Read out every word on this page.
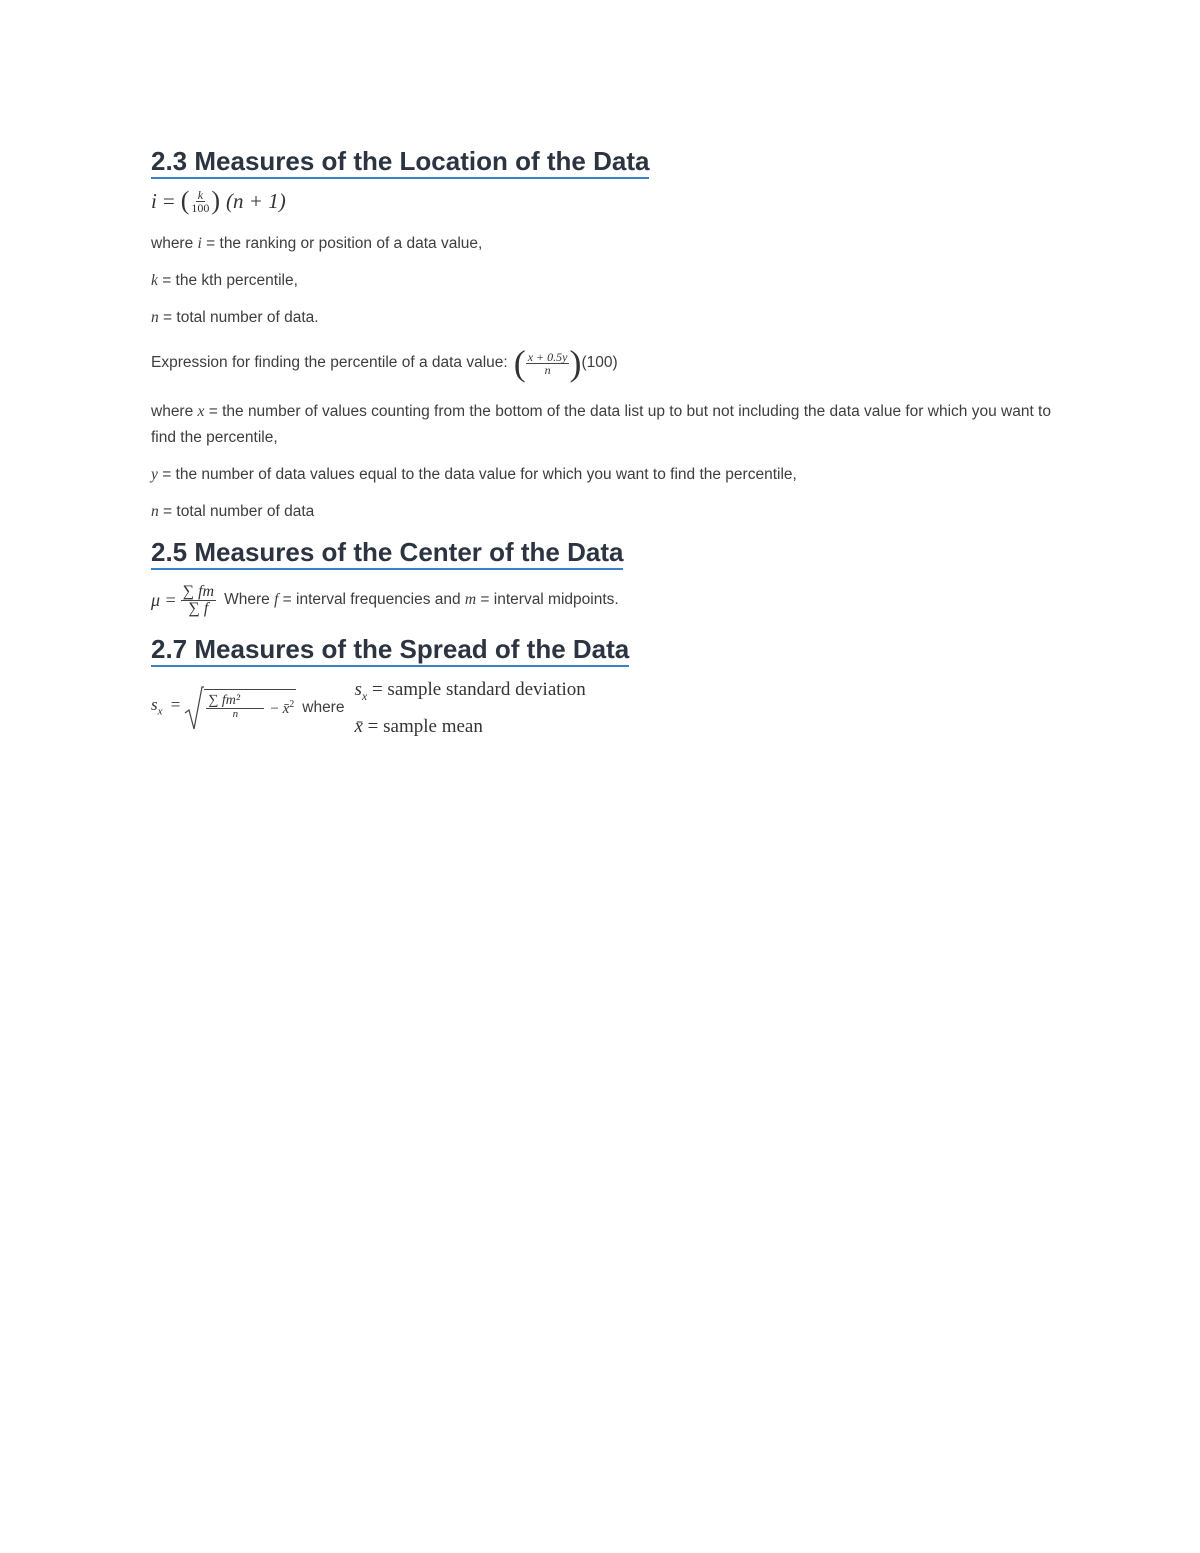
2.3 Measures of the Location of the Data
i = ( $\frac{k}{100}$ ) (n + 1)

where i = the ranking or position of a data value,

k = the kth percentile,

n = total number of data.

Expression for finding the percentile of a data value: ( $\frac{x + 0.5y}{n}$ ) (100)

where x = the number of values counting from the bottom of the data list up to but not including the data value for which you want to find the percentile,

y = the number of data values equal to the data value for which you want to find the percentile,

n = total number of data

2.5 Measures of the Center of the Data
$\mu = \frac{\sum fm}{\sum f}$ Where f = interval frequencies and m = interval midpoints.
2.7 Measures of the Spread of the Data
$s_x = \frac{\text{∑ fm²}}{n}$ − x̄$^2$ where
$s_x$ = sample standard deviation
x̄ = sample mean
